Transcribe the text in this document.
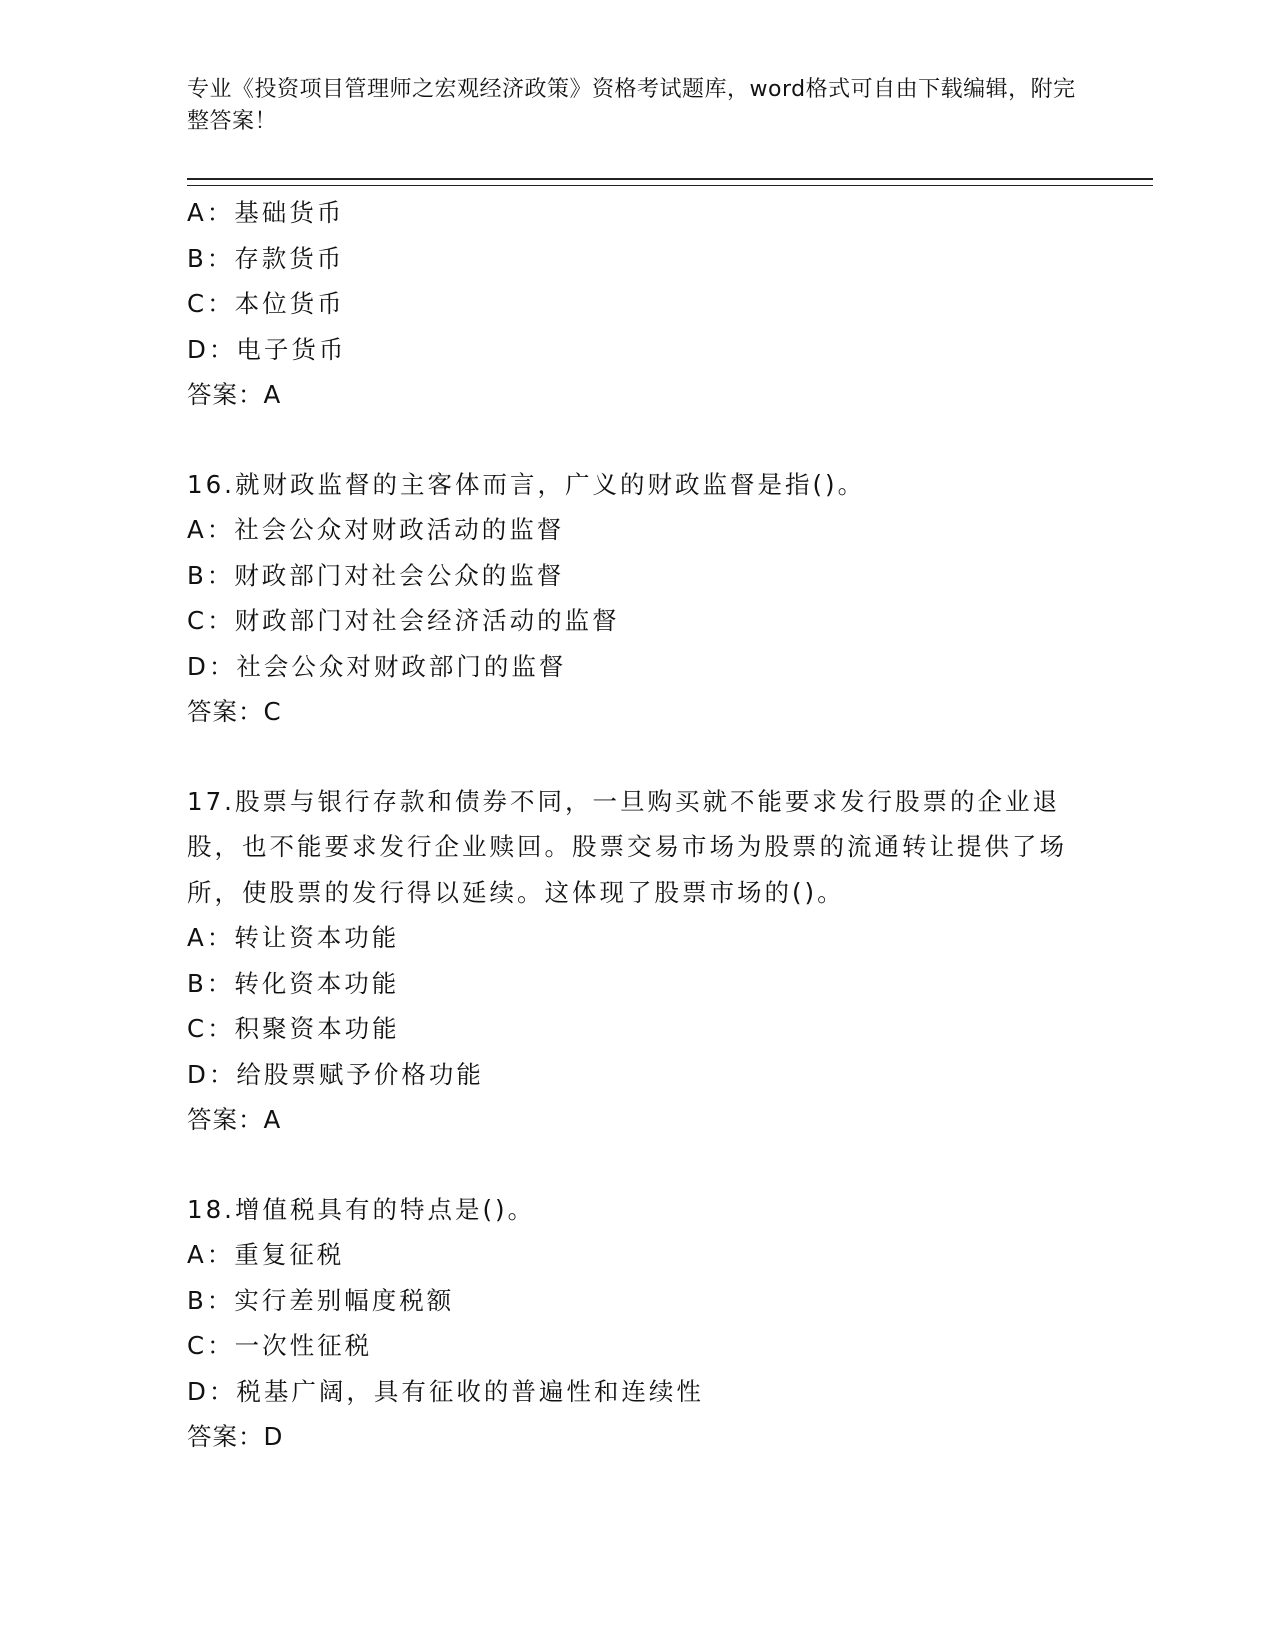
专业《投资项目管理师之宏观经济政策》资格考试题库，word格式可自由下载编辑，附完整答案！
A：基础货币
B：存款货币
C：本位货币
D：电子货币
答案：A
16.就财政监督的主客体而言，广义的财政监督是指()。
A：社会公众对财政活动的监督
B：财政部门对社会公众的监督
C：财政部门对社会经济活动的监督
D：社会公众对财政部门的监督
答案：C
17.股票与银行存款和债券不同，一旦购买就不能要求发行股票的企业退股，也不能要求发行企业赎回。股票交易市场为股票的流通转让提供了场所，使股票的发行得以延续。这体现了股票市场的()。
A：转让资本功能
B：转化资本功能
C：积聚资本功能
D：给股票赋予价格功能
答案：A
18.增值税具有的特点是()。
A：重复征税
B：实行差别幅度税额
C：一次性征税
D：税基广阔，具有征收的普遍性和连续性
答案：D
